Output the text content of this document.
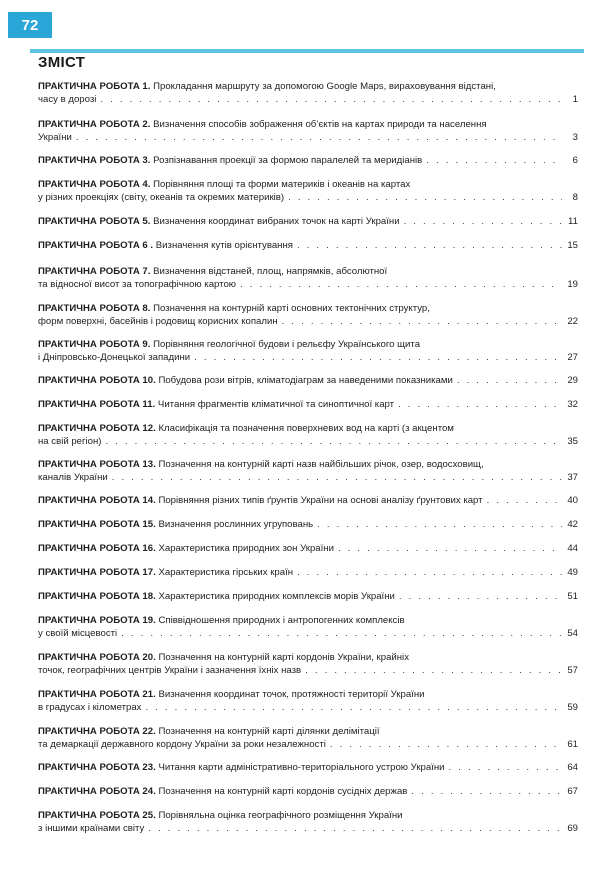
72
ЗМІСТ
ПРАКТИЧНА РОБОТА 1. Прокладання маршруту за допомогою Google Maps, вираховування відстані,
часу в дорозі . . .	1
ПРАКТИЧНА РОБОТА 2. Визначення способів зображення об’єктів на картах природи та населення
України . . .	3
ПРАКТИЧНА РОБОТА 3. Розпізнавання проекції за формою паралелей та меридіанів . . .	6
ПРАКТИЧНА РОБОТА 4. Порівняння площі та форми материків і океанів на картах
у різних проекціях (світу, океанів та окремих материків) . . .	8
ПРАКТИЧНА РОБОТА 5. Визначення координат вибраних точок на карті України . . .	11
ПРАКТИЧНА РОБОТА 6 . Визначення кутів орієнтування . . .	15
ПРАКТИЧНА РОБОТА 7. Визначення відстаней, площ, напрямків, абсолютної
та відносної висот за топографічною картою . . .	19
ПРАКТИЧНА РОБОТА 8. Позначення на контурній карті основних тектонічних структур,
форм поверхні, басейнів і родовищ корисних копалин . . .	22
ПРАКТИЧНА РОБОТА 9. Порівняння геологічної будови і рельєфу Українського щита
і Дніпровсько-Донецької западини . . .	27
ПРАКТИЧНА РОБОТА 10. Побудова рози вітрів, кліматодіаграм за наведеними показниками . . .	29
ПРАКТИЧНА РОБОТА 11. Читання фрагментів кліматичної та синоптичної карт . . .	32
ПРАКТИЧНА РОБОТА 12. Класифікація та позначення поверхневих вод на карті (з акцентом
на свій регіон) . . .	35
ПРАКТИЧНА РОБОТА 13. Позначення на контурній карті назв найбільших річок, озер, водосховищ,
каналів України . . .	37
ПРАКТИЧНА РОБОТА 14. Порівняння різних типів ґрунтів України на основі аналізу ґрунтових карт . . .	40
ПРАКТИЧНА РОБОТА 15. Визначення рослинних угруповань . . .	42
ПРАКТИЧНА РОБОТА 16. Характеристика природних зон України . . .	44
ПРАКТИЧНА РОБОТА 17. Характеристика гірських країн . . .	49
ПРАКТИЧНА РОБОТА 18. Характеристика природних комплексів морів України . . .	51
ПРАКТИЧНА РОБОТА 19. Співвідношення природних і антропогенних комплексів
у своїй місцевості . . .	54
ПРАКТИЧНА РОБОТА 20. Позначення на контурній карті кордонів України, крайніх
точок, географічних центрів України і зазначення їхніх назв . . .	57
ПРАКТИЧНА РОБОТА 21. Визначення координат точок, протяжності території України
в градусах і кілометрах . . .	59
ПРАКТИЧНА РОБОТА 22. Позначення на контурній карті ділянки делімітації
та демаркації державного кордону України за роки незалежності . . .	61
ПРАКТИЧНА РОБОТА 23. Читання карти адміністративно-територіального устрою України . . .	64
ПРАКТИЧНА РОБОТА 24. Позначення на контурній карті кордонів сусідніх держав . . .	67
ПРАКТИЧНА РОБОТА 25. Порівняльна оцінка географічного розміщення України
з іншими країнами світу . . .	69
